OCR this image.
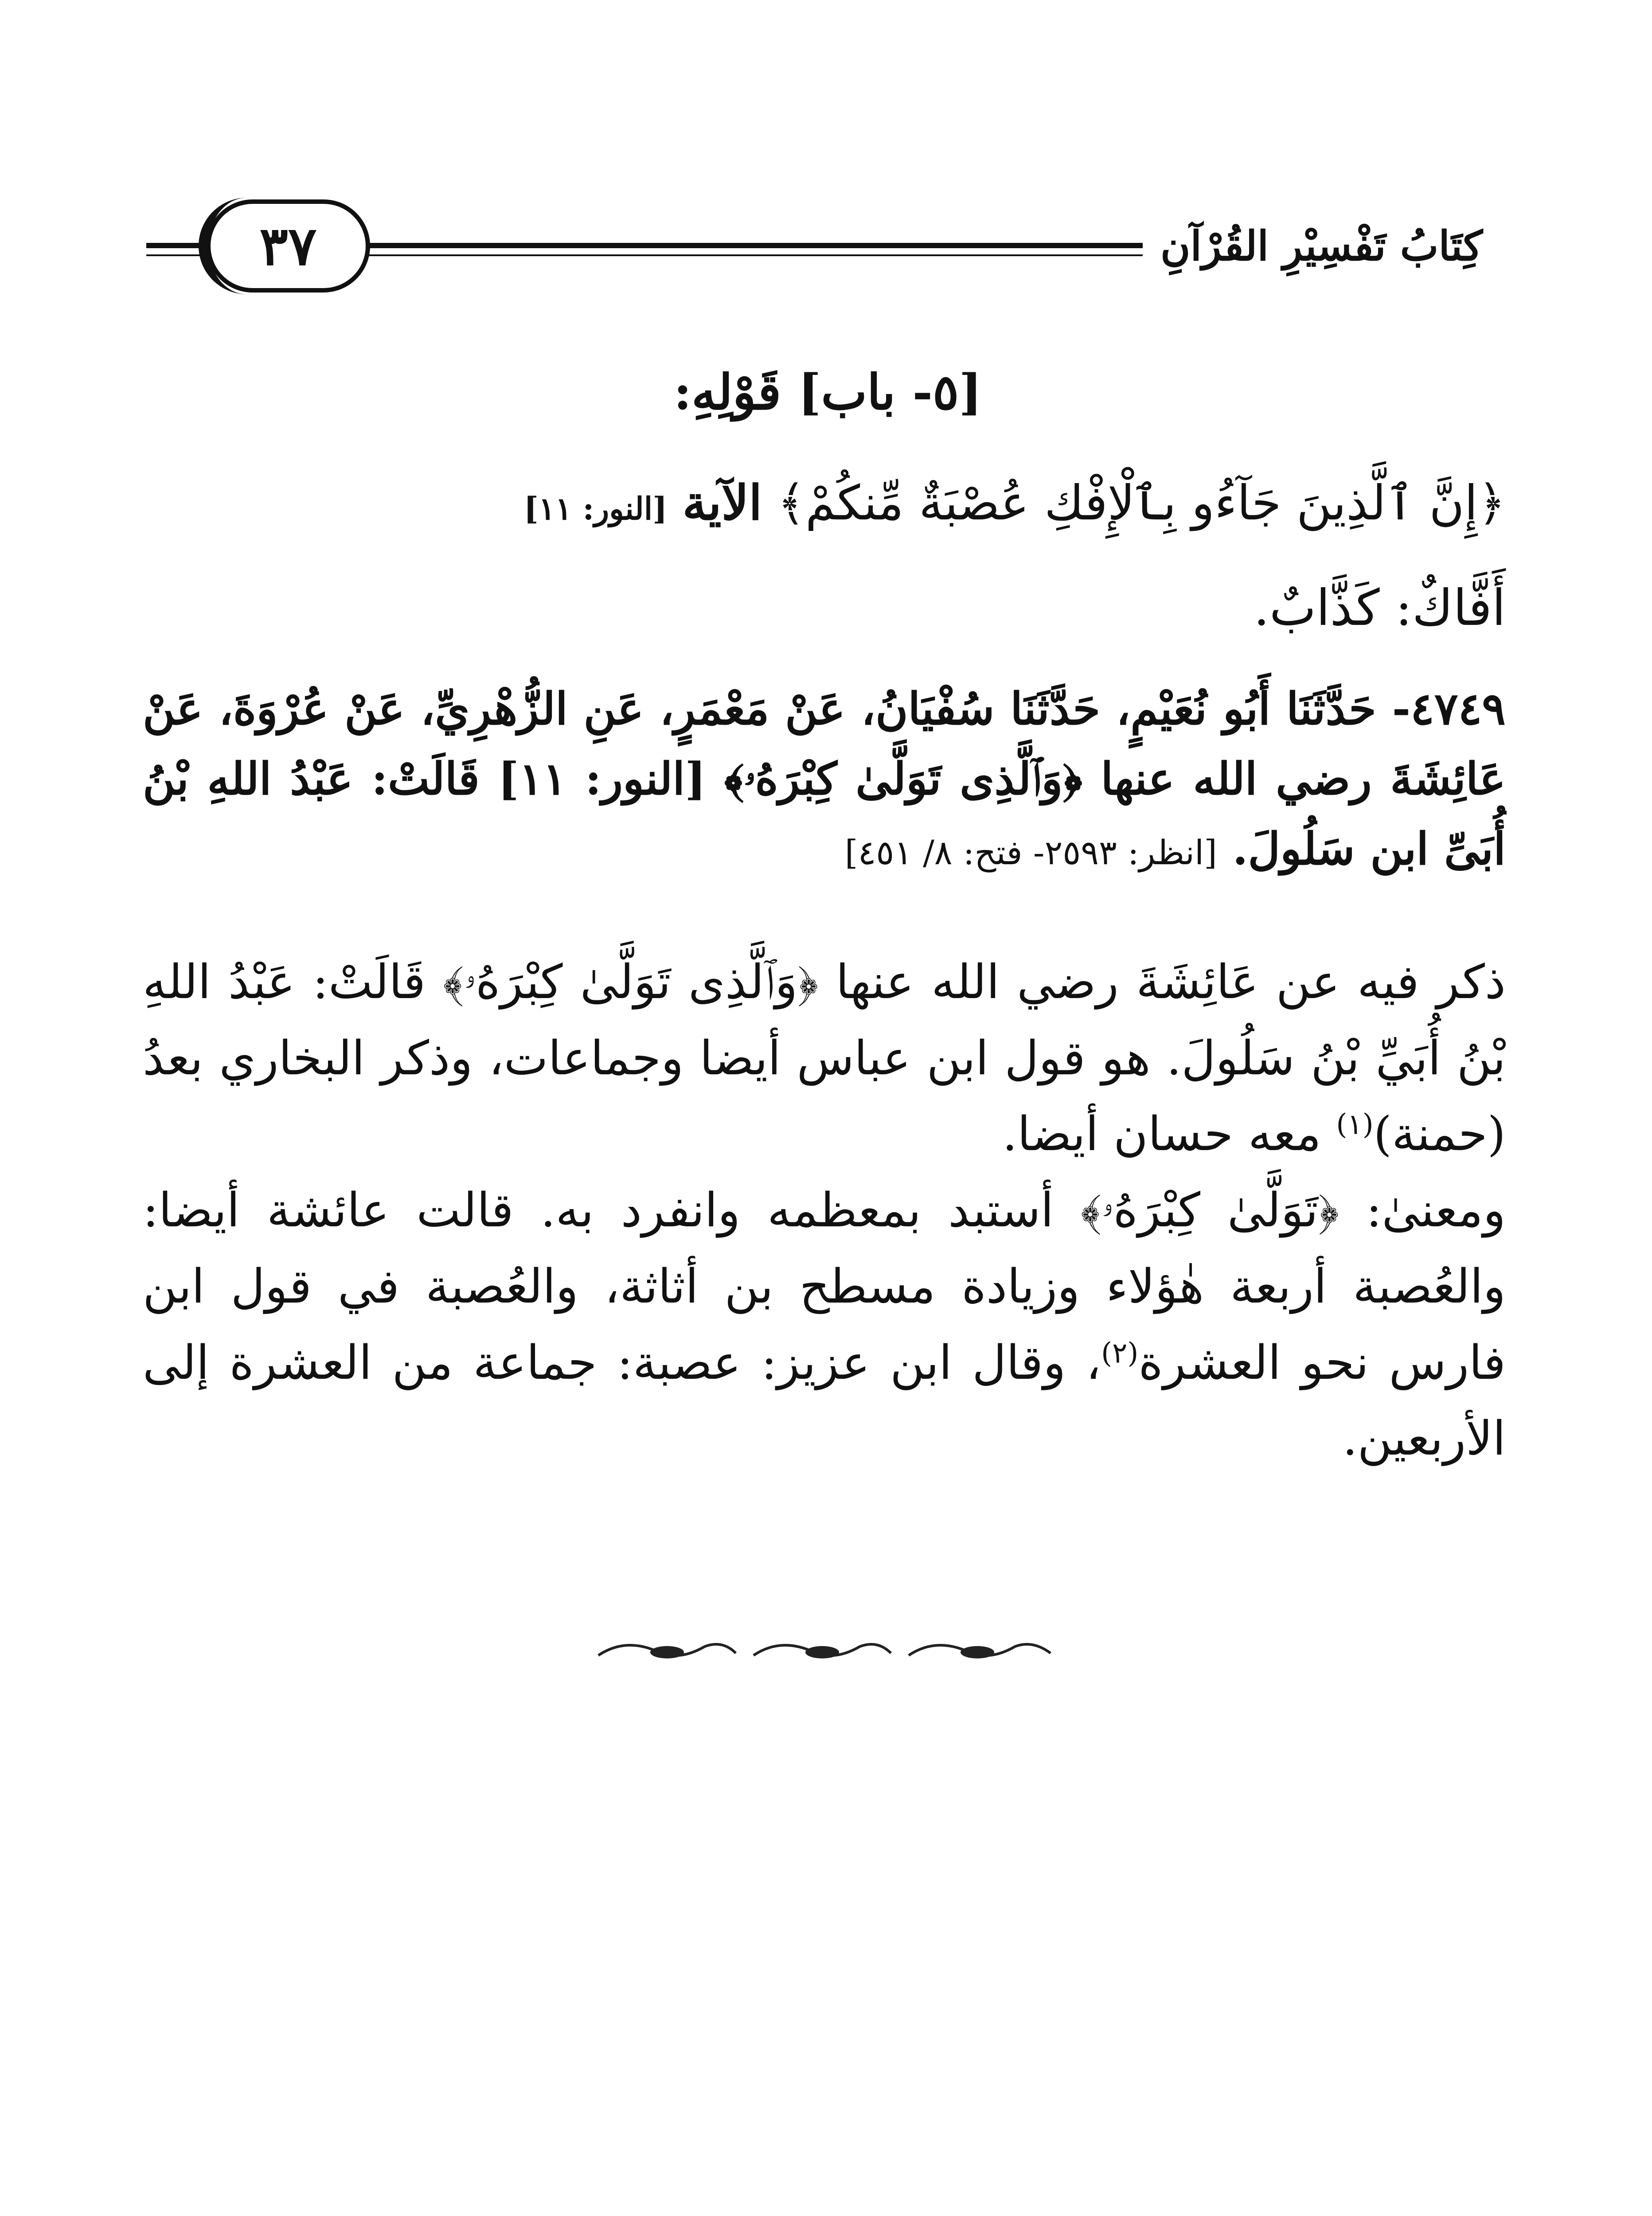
كِتَابُ تَفْسِيْرِ القُرْآنِ
٣٧
[٥- باب] قَوْلِهِ:
﴿إِنَّ ٱلَّذِينَ جَآءُو بِٱلْإِفْكِ عُصْبَةٌ مِّنكُمْ﴾ الآية [النور: ١١]
أَفَّاكٌ: كَذَّابٌ.
٤٧٤٩- حَدَّثَنَا أَبُو نُعَيْمٍ، حَدَّثَنَا سُفْيَانُ، عَنْ مَعْمَرٍ، عَنِ الزُّهْرِيِّ، عَنْ عُرْوَةَ، عَنْ عَائِشَةَ رضي الله عنها ﴿وَٱلَّذِى تَوَلَّىٰ كِبْرَهُۥ﴾ [النور: ١١] قَالَتْ: عَبْدُ اللهِ بْنُ أُبَىِّ ابن سَلُولَ. [انظر: ٢٥٩٣- فتح: ٨/ ٤٥١]

ذكر فيه عن عَائِشَةَ رضي الله عنها ﴿وَٱلَّذِى تَوَلَّىٰ كِبْرَهُۥ﴾ قَالَتْ: عَبْدُ اللهِ بْنُ أُبَيِّ بْنُ سَلُولَ. هو قول ابن عباس أيضا وجماعات، وذكر البخاري بعدُ (حمنة)$^{(١)}$ معه حسان أيضا.

ومعنىٰ: ﴿تَوَلَّىٰ كِبْرَهُۥ﴾ أستبد بمعظمه وانفرد به. قالت عائشة أيضا: والعُصبة أربعة هٰؤلاء وزيادة مسطح بن أثاثة، والعُصبة في قول ابن فارس نحو العشرة$^{(٢)}$، وقال ابن عزيز: عصبة: جماعة من العشرة إلى الأربعين.
